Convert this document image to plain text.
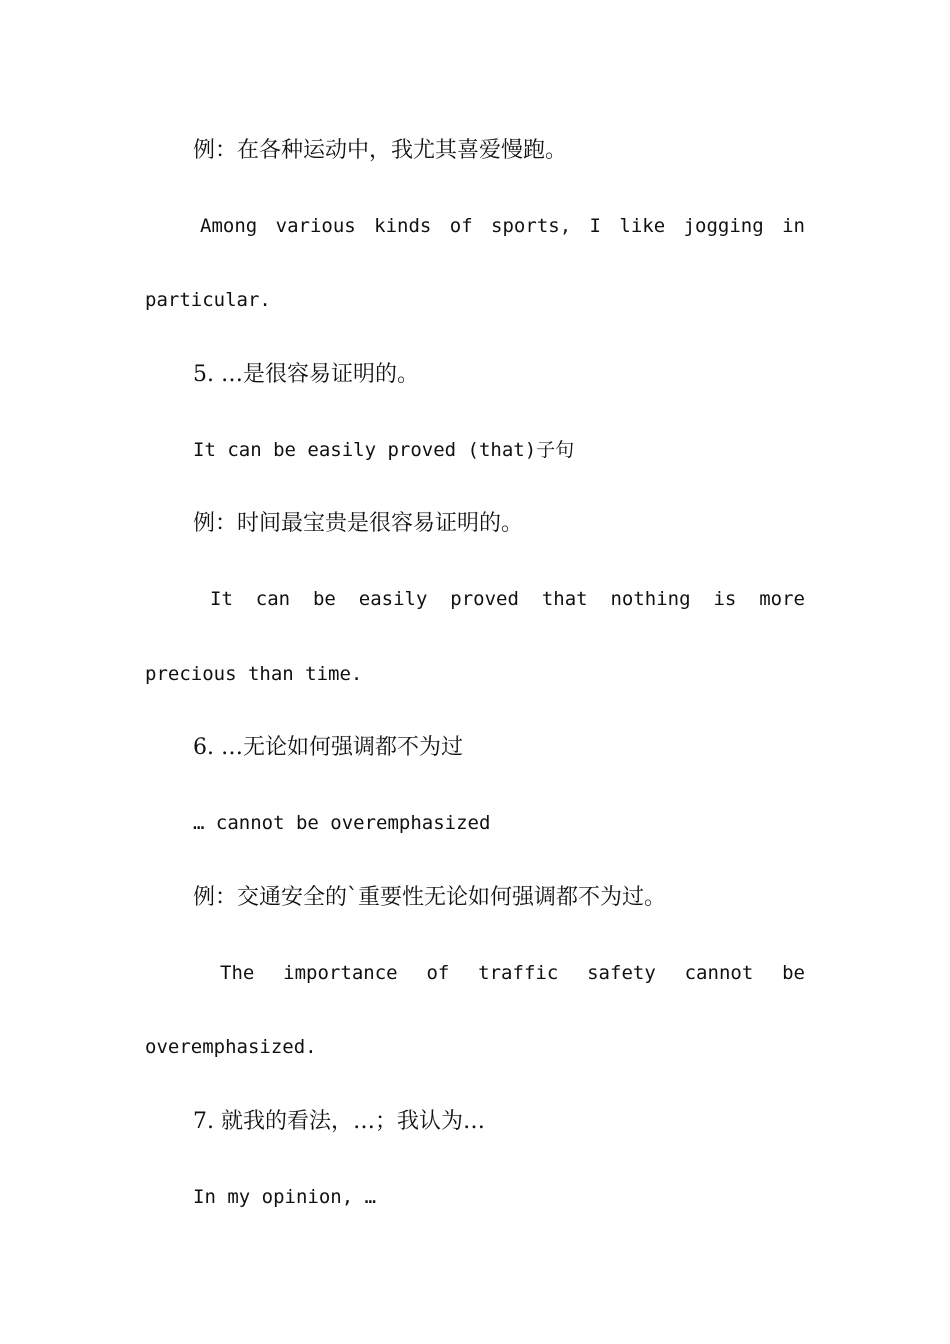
例：在各种运动中，我尤其喜爱慢跑。

Among various kinds of sports, I like jogging in

particular.

5. …是很容易证明的。

It can be easily proved (that)子句

例：时间最宝贵是很容易证明的。

It can be easily proved that nothing is more

precious than time.

6. …无论如何强调都不为过

… cannot be overemphasized

例：交通安全的`重要性无论如何强调都不为过。

The importance of traffic safety cannot be

overemphasized.

7. 就我的看法，…；我认为…

In my opinion, …
